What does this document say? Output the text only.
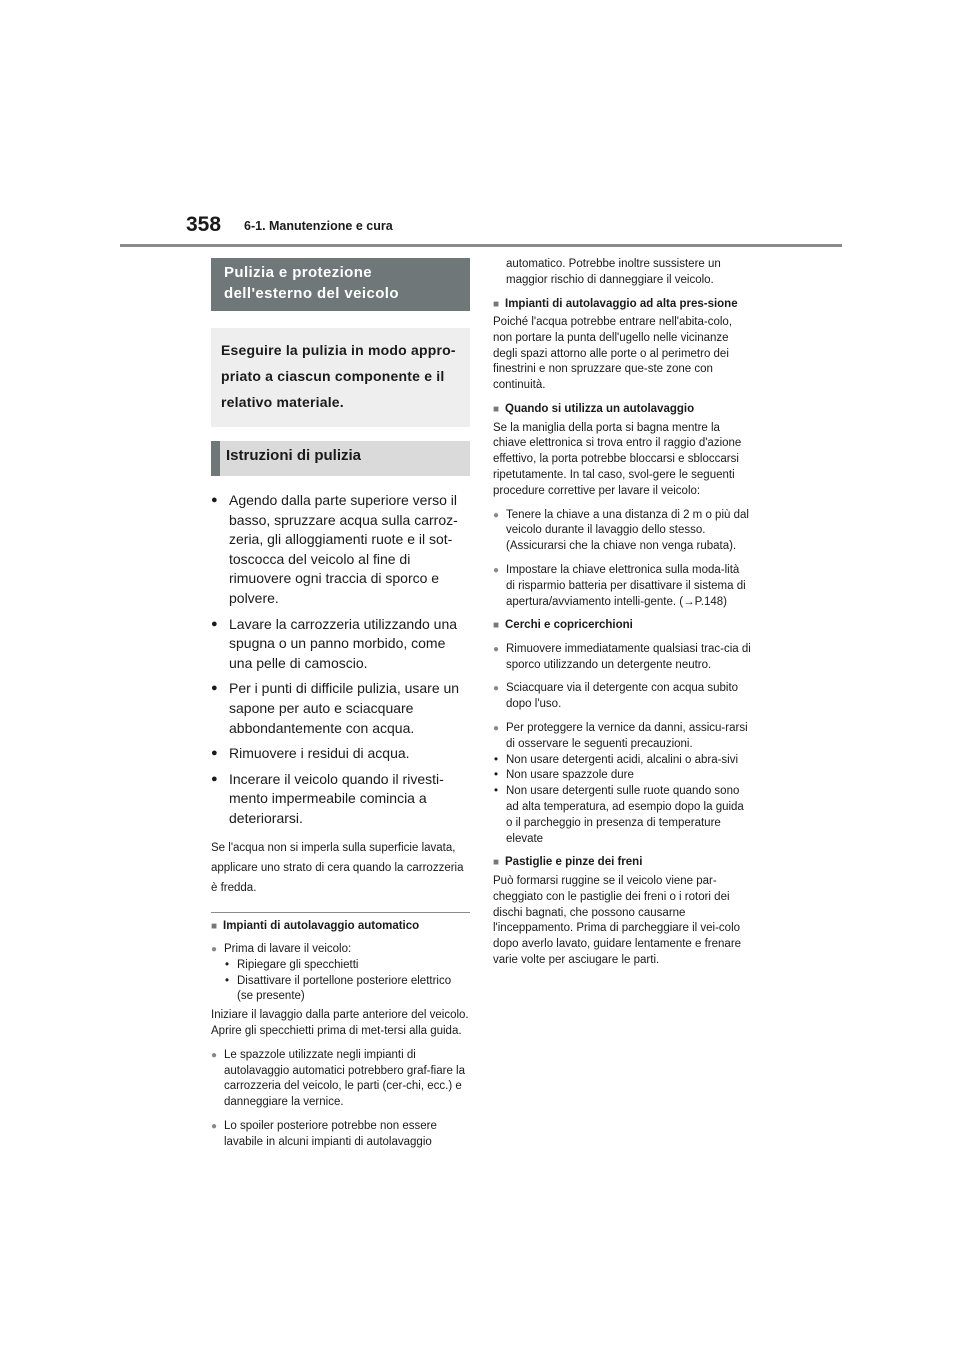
358 6-1. Manutenzione e cura
Pulizia e protezione dell'esterno del veicolo
Eseguire la pulizia in modo appro-priato a ciascun componente e il relativo materiale.
Istruzioni di pulizia
● Agendo dalla parte superiore verso il basso, spruzzare acqua sulla carroz-zeria, gli alloggiamenti ruote e il sot-toscocca del veicolo al fine di rimuovere ogni traccia di sporco e polvere.
● Lavare la carrozzeria utilizzando una spugna o un panno morbido, come una pelle di camoscio.
● Per i punti di difficile pulizia, usare un sapone per auto e sciacquare abbondantemente con acqua.
● Rimuovere i residui di acqua.
● Incerare il veicolo quando il rivesti-mento impermeabile comincia a deteriorarsi.
Se l'acqua non si imperla sulla superficie lavata, applicare uno strato di cera quando la carrozzeria è fredda.
■ Impianti di autolavaggio automatico
● Prima di lavare il veicolo:
• Ripiegare gli specchietti
• Disattivare il portellone posteriore elettrico (se presente)
Iniziare il lavaggio dalla parte anteriore del veicolo. Aprire gli specchietti prima di met-tersi alla guida.
● Le spazzole utilizzate negli impianti di autolavaggio automatici potrebbero graf-fiare la carrozzeria del veicolo, le parti (cer-chi, ecc.) e danneggiare la vernice.
● Lo spoiler posteriore potrebbe non essere lavabile in alcuni impianti di autolavaggio
automatico. Potrebbe inoltre sussistere un maggior rischio di danneggiare il veicolo.
■ Impianti di autolavaggio ad alta pres-sione
Poiché l'acqua potrebbe entrare nell'abita-colo, non portare la punta dell'ugello nelle vicinanze degli spazi attorno alle porte o al perimetro dei finestrini e non spruzzare que-ste zone con continuità.
■ Quando si utilizza un autolavaggio
Se la maniglia della porta si bagna mentre la chiave elettronica si trova entro il raggio d'azione effettivo, la porta potrebbe bloccarsi e sbloccarsi ripetutamente. In tal caso, svol-gere le seguenti procedure correttive per lavare il veicolo:
● Tenere la chiave a una distanza di 2 m o più dal veicolo durante il lavaggio dello stesso. (Assicurarsi che la chiave non venga rubata).
● Impostare la chiave elettronica sulla moda-lità di risparmio batteria per disattivare il sistema di apertura/avviamento intelli-gente. (→P.148)
■ Cerchi e copricerchioni
● Rimuovere immediatamente qualsiasi trac-cia di sporco utilizzando un detergente neutro.
● Sciacquare via il detergente con acqua subito dopo l'uso.
● Per proteggere la vernice da danni, assicu-rarsi di osservare le seguenti precauzioni.
• Non usare detergenti acidi, alcalini o abra-sivi
• Non usare spazzole dure
• Non usare detergenti sulle ruote quando sono ad alta temperatura, ad esempio dopo la guida o il parcheggio in presenza di temperature elevate
■ Pastiglie e pinze dei freni
Può formarsi ruggine se il veicolo viene par-cheggiato con le pastiglie dei freni o i rotori dei dischi bagnati, che possono causarne l'inceppamento. Prima di parcheggiare il vei-colo dopo averlo lavato, guidare lentamente e frenare varie volte per asciugare le parti.
